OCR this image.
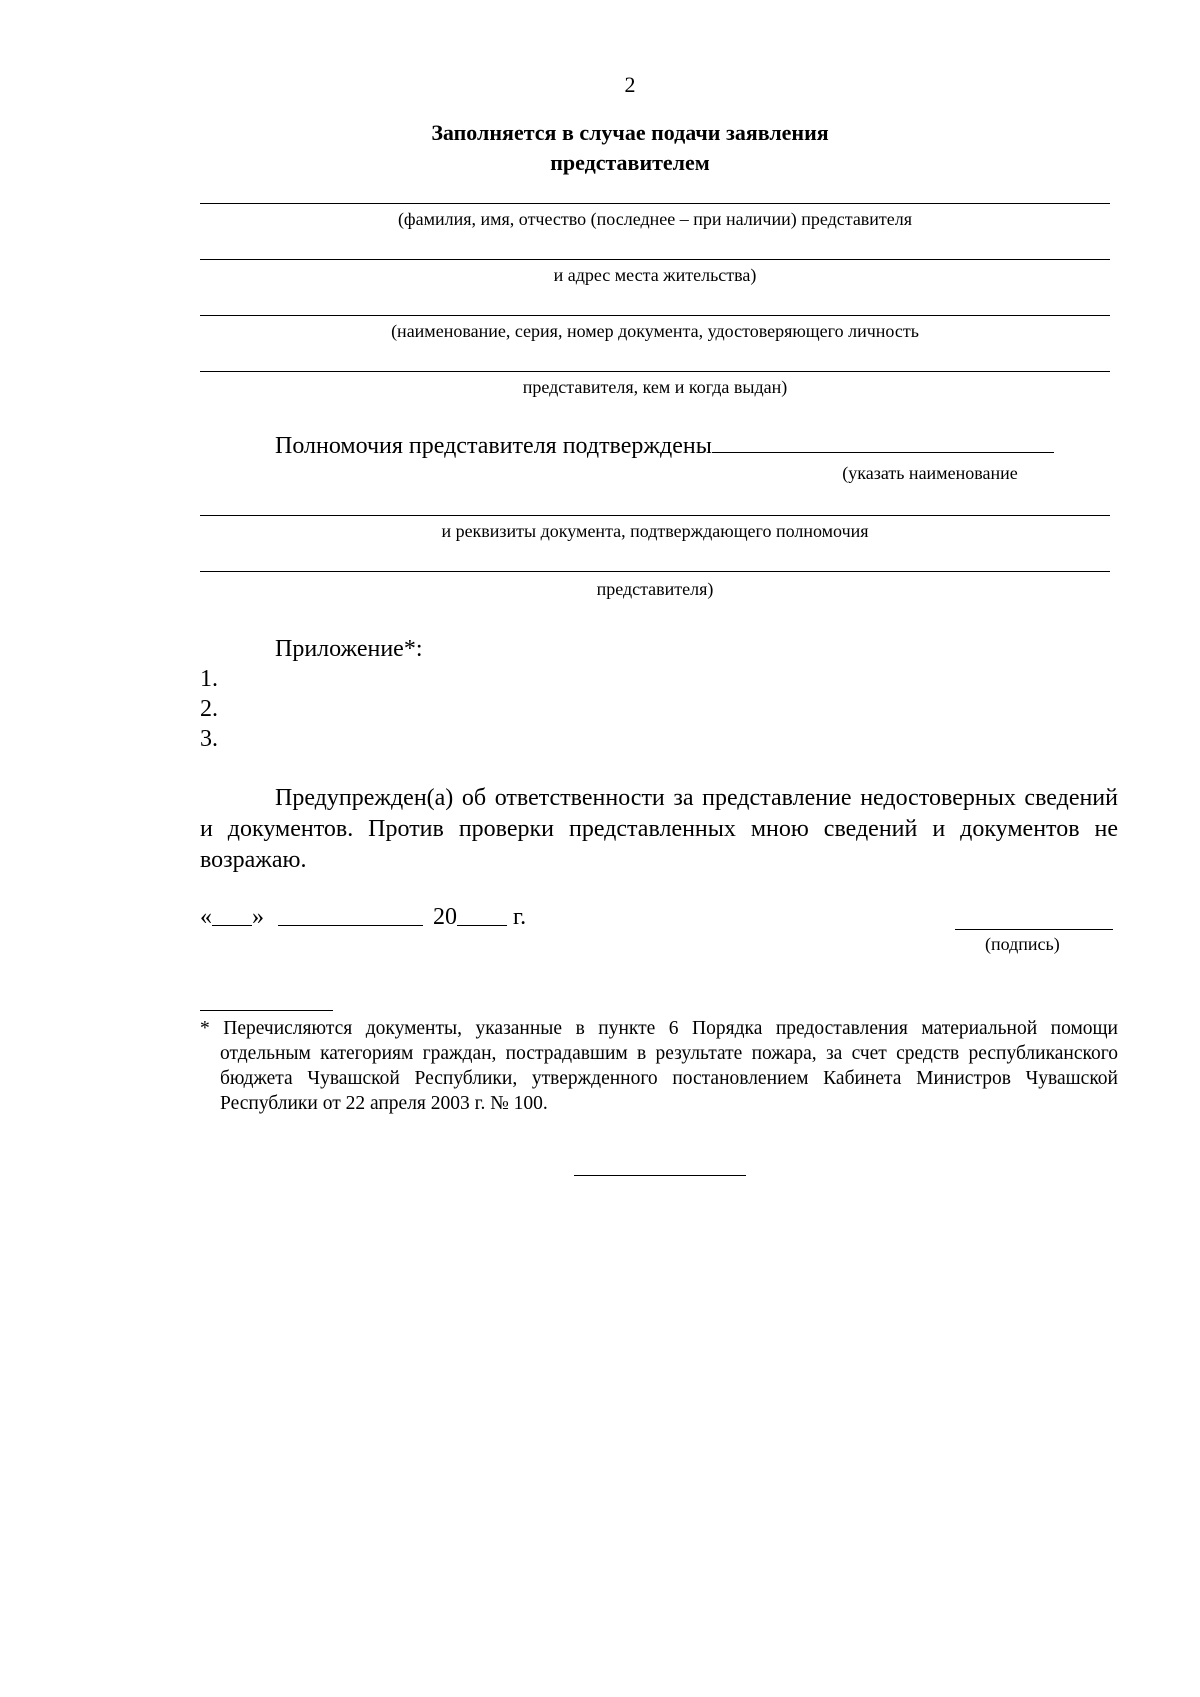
2
Заполняется в случае подачи заявления
представителем
(фамилия, имя, отчество (последнее – при наличии) представителя
и адрес места жительства)
(наименование, серия, номер документа, удостоверяющего личность
представителя, кем и когда выдан)
Полномочия представителя подтверждены
(указать наименование
и реквизиты документа, подтверждающего полномочия
представителя)
Приложение*:
1.
2.
3.
Предупрежден(а) об ответственности за представление недостоверных сведений и документов. Против проверки представленных мною сведений и документов не возражаю.
« »	20 г.
(подпись)
* Перечисляются документы, указанные в пункте 6 Порядка предоставления материальной помощи отдельным категориям граждан, пострадавшим в результате пожара, за счет средств республиканского бюджета Чувашской Республики, утвержденного постановлением Кабинета Министров Чувашской Республики от 22 апреля 2003 г. № 100.
